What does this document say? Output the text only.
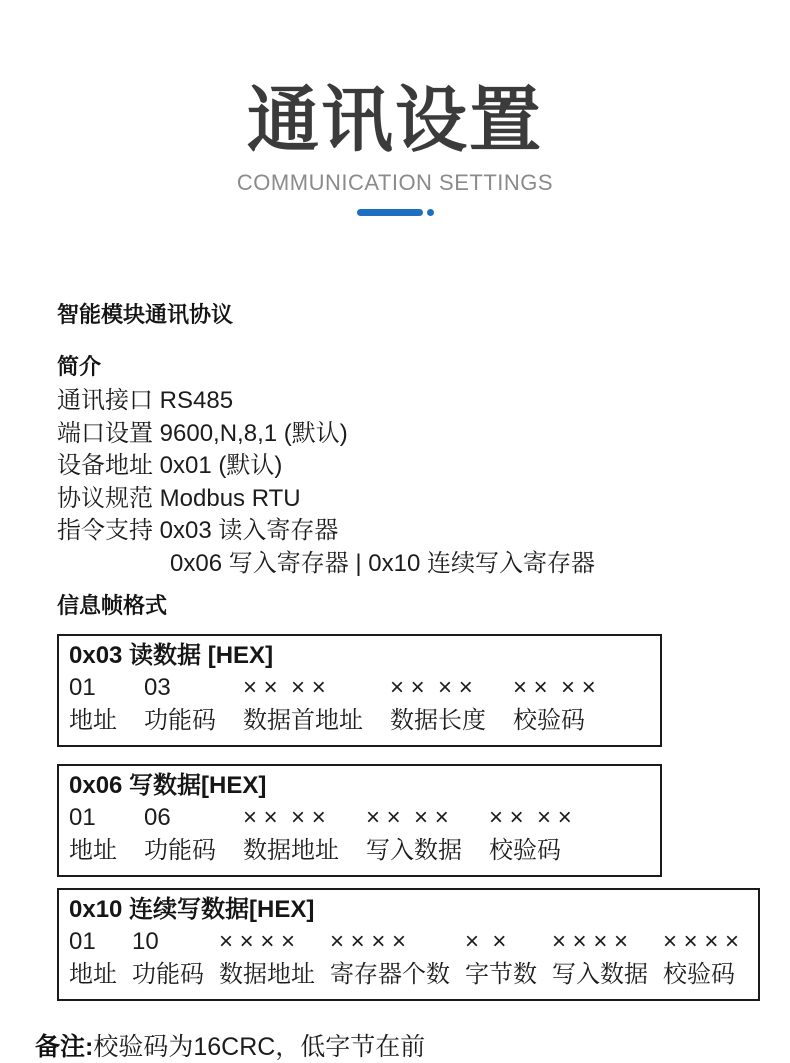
通讯设置
COMMUNICATION SETTINGS
智能模块通讯协议
简介
通讯接口 RS485
端口设置 9600,N,8,1 (默认)
设备地址 0x01 (默认)
协议规范 Modbus RTU
指令支持 0x03 读入寄存器
0x06 写入寄存器 | 0x10 连续写入寄存器
信息帧格式
0x03 读数据 [HEX]
01
地址
03
功能码
× ×  × ×
数据首地址
× ×  × ×
数据长度
× ×  × ×
校验码
0x06 写数据[HEX]
01
地址
06
功能码
× ×  × ×
数据地址
× ×  × ×
写入数据
× ×  × ×
校验码
0x10 连续写数据[HEX]
01
地址
10
功能码
× × × ×
数据地址
× × × ×
寄存器个数
×  ×
字节数
× × × ×
写入数据
× × × ×
校验码
备注:校验码为16CRC，低字节在前
